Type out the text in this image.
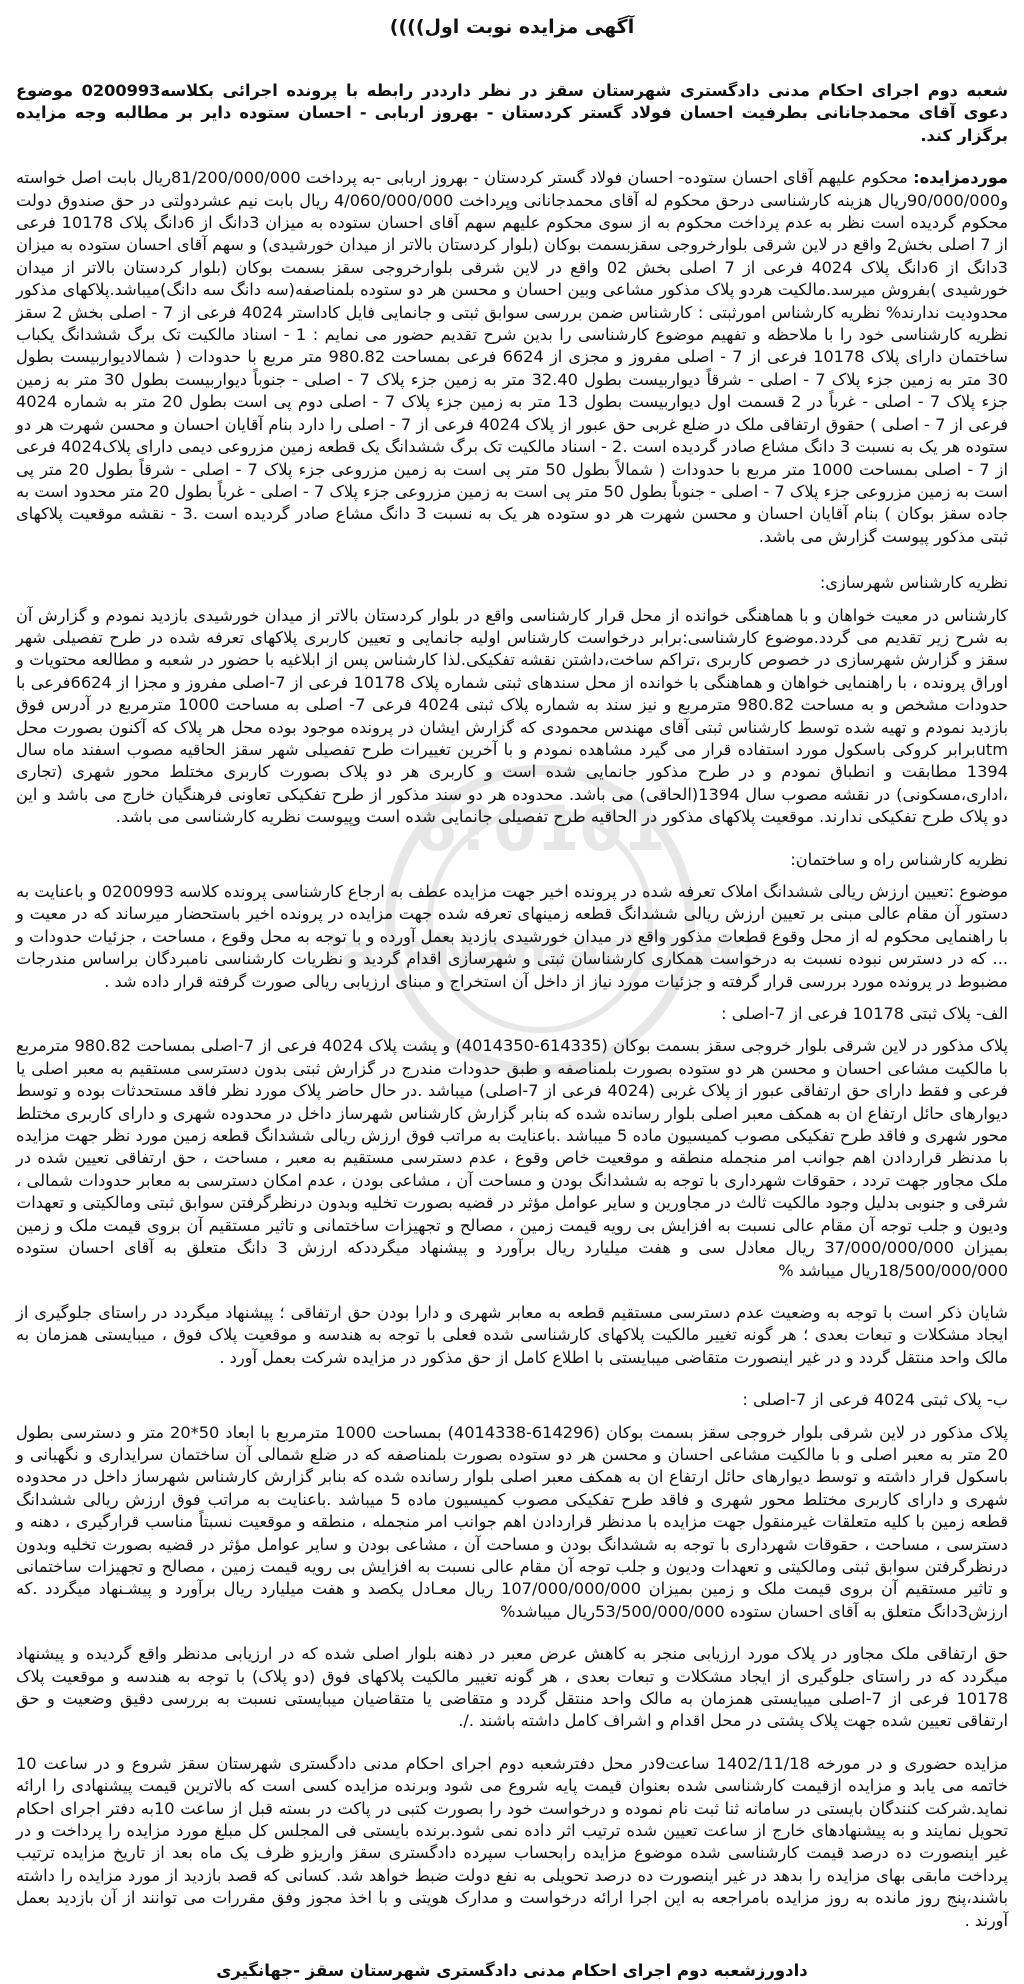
6?0101
arsNamadData
آگهی مزایده نوبت اول))))

شعبه دوم اجرای احکام مدنی دادگستری شهرستان سقز در نظر دارددر رابطه با پرونده اجرائی بکلاسه0200993 موضوع دعوی آقای محمدجانانی بطرفیت احسان فولاد گستر کردستان - بهروز اربابی - احسان ستوده دایر بر مطالبه وجه مزایده برگزار کند.

موردمزایده: محکوم علیهم آقای احسان ستوده- احسان فولاد گستر کردستان - بهروز اربابی -به پرداخت 81/200/000/000ریال بابت اصل خواسته و90/000/000ریال هزینه کارشناسی درحق محکوم له آقای محمدجانانی وپرداخت 4/060/000/000 ریال بابت نیم عشردولتی در حق صندوق دولت محکوم گردیده است نظر به عدم پرداخت محکوم به از سوی محکوم علیهم سهم آقای احسان ستوده به میزان 3دانگ از 6دانگ پلاک 10178 فرعی از 7 اصلی بخش2 واقع در لاین شرقی بلوارخروجی سقزبسمت بوکان (بلوار کردستان بالاتر از میدان خورشیدی) و سهم آقای احسان ستوده به میزان 3دانگ از 6دانگ پلاک 4024 فرعی از 7 اصلی بخش 02 واقع در لاین شرقی بلوارخروجی سقز بسمت بوکان (بلوار کردستان بالاتر از میدان خورشیدی )بفروش میرسد.مالکیت هردو پلاک مذکور مشاعی وبین احسان و محسن هر دو ستوده بلمناصفه(سه دانگ سه دانگ)میباشد.پلاکهای مذکور محدودیت ندارند% نظریه کارشناس امورثبتی : کارشناس ضمن بررسی سوابق ثبتی و جانمایی فایل کاداستر 4024 فرعی از 7 - اصلی بخش 2 سقز نظریه کارشناسی خود را با ملاحظه و تفهیم موضوع کارشناسی را بدین شرح تقدیم حضور می نمایم : 1 - اسناد مالکیت تک برگ ششدانگ یکباب ساختمان دارای پلاک 10178 فرعی از 7 - اصلی مفروز و مجزی از 6624 فرعی بمساحت 980.82 متر مربع با حدودات ( شمالادیواربیست بطول 30 متر به زمین جزء پلاک 7 - اصلی - شرقاً دیواربیست بطول 32.40 متر به زمین جزء پلاک 7 - اصلی - جنوباً دیواربیست بطول 30 متر به زمین جزء پلاک 7 - اصلی - غرباً در 2 قسمت اول دیواربیست بطول 13 متر به زمین جزء پلاک 7 - اصلی دوم پی است بطول 20 متر به شماره 4024 فرعی از 7 - اصلی ) حقوق ارتفاقی ملک در ضلع غربی حق عبور از پلاک 4024 فرعی از 7 - اصلی را دارد بنام آقایان احسان و محسن شهرت هر دو ستوده هر یک به نسبت 3 دانگ مشاع صادر گردیده است .2 - اسناد مالکیت تک برگ ششدانگ یک قطعه زمین مزروعی دیمی دارای پلاک4024 فرعی از 7 - اصلی بمساحت 1000 متر مربع با حدودات ( شمالاً بطول 50 متر پی است به زمین مزروعی جزء پلاک 7 - اصلی - شرقاً بطول 20 متر پی است به زمین مزروعی جزء پلاک 7 - اصلی - جنوباً بطول 50 متر پی است به زمین مزروعی جزء پلاک 7 - اصلی - غرباً بطول 20 متر محدود است به جاده سقز بوکان ) بنام آقایان احسان و محسن شهرت هر دو ستوده هر یک به نسبت 3 دانگ مشاع صادر گردیده است .3 - نقشه موقعیت پلاکهای ثبتی مذکور پیوست گزارش می باشد.

نظریه کارشناس شهرسازی:

کارشناس در معیت خواهان و با هماهنگی خوانده از محل قرار کارشناسی واقع در بلوار کردستان بالاتر از میدان خورشیدی بازدید نمودم و گزارش آن به شرح زیر تقدیم می گردد.موضوع کارشناسی:برابر درخواست کارشناس اولیه جانمایی و تعیین کاربری پلاکهای تعرفه شده در طرح تفصیلی شهر سقز و گزارش شهرسازی در خصوص کاربری ،تراکم ساخت،داشتن نقشه تفکیکی.لذا کارشناس پس از ابلاغیه با حضور در شعبه و مطالعه محتویات و اوراق پرونده ، با راهنمایی خواهان و هماهنگی با خوانده از محل سندهای ثبتی شماره پلاک 10178 فرعی از 7-اصلی مفروز و مجزا از 6624فرعی با حدودات مشخص و به مساحت 980.82 مترمربع و نیز سند به شماره پلاک ثبتی 4024 فرعی 7- اصلی به مساحت 1000 مترمربع در آدرس فوق بازدید نمودم و تهیه شده توسط کارشناس ثبتی آقای مهندس محمودی که گزارش ایشان در پرونده موجود بوده محل هر پلاک که آکنون بصورت محل utmبرابر کروکی باسکول مورد استفاده قرار می گیرد مشاهده نمودم و با آخرین تغییرات طرح تفصیلی شهر سقز الحاقیه مصوب اسفند ماه سال 1394 مطابقت و انطباق نمودم و در طرح مذکور جانمایی شده است و کاربری هر دو پلاک بصورت کاربری مختلط محور شهری (تجاری ،اداری،مسکونی) در نقشه مصوب سال 1394(الحاقی) می باشد. محدوده هر دو سند مذکور از طرح تفکیکی تعاونی فرهنگیان خارج می باشد و این دو پلاک طرح تفکیکی ندارند. موقعیت پلاکهای مذکور در الحاقیه طرح تفصیلی جانمایی شده است وپیوست نظریه کارشناسی می باشد.

نظریه کارشناس راه و ساختمان:

موضوع :تعیین ارزش ریالی ششدانگ املاک تعرفه شده در پرونده اخیر جهت مزایده عطف به ارجاع کارشناسی پرونده کلاسه 0200993 و باعنایت به دستور آن مقام عالی مبنی بر تعیین ارزش ریالی ششدانگ قطعه زمینهای تعرفه شده جهت مزایده در پرونده اخیر باستحضار میرساند که در معیت و با راهنمایی محکوم له از محل وقوع قطعات مذکور واقع در میدان خورشیدی بازدید بعمل آورده و با توجه به محل وقوع ، مساحت ، جزئیات حدودات و ... که در دسترس نبوده نسبت به درخواست همکاری کارشناسان ثبتی و شهرسازی اقدام گردید و نظریات کارشناسی نامبردگان براساس مندرجات مضبوط در پرونده مورد بررسی قرار گرفته و جزئیات مورد نیاز از داخل آن استخراج و مبنای ارزیابی ریالی صورت گرفته قرار داده شد .

الف- پلاک ثبتی 10178 فرعی از 7-اصلی :

پلاک مذکور در لاین شرقی بلوار خروجی سقز بسمت بوکان (614335-4014350) و پشت پلاک 4024 فرعی از 7-اصلی بمساحت 980.82 مترمربع با مالکیت مشاعی احسان و محسن هر دو ستوده بصورت بلمناصفه و طبق حدودات مندرج در گزارش ثبتی بدون دسترسی مستقیم به معبر اصلی یا فرعی و فقط دارای حق ارتفاقی عبور از پلاک غربی (4024 فرعی از 7-اصلی) میباشد .در حال حاضر پلاک مورد نظر فاقد مستحدثات بوده و توسط دیوارهای حائل ارتفاع ان به همکف معبر اصلی بلوار رسانده شده که بنابر گزارش کارشناس شهرساز داخل در محدوده شهری و دارای کاربری مختلط محور شهری و فاقد طرح تفکیکی مصوب کمیسیون ماده 5 میباشد .باعنایت به مراتب فوق ارزش ریالی ششدانگ قطعه زمین مورد نظر جهت مزایده با مدنظر قراردادن اهم جوانب امر منجمله منطقه و موقعیت خاص وقوع ، عدم دسترسی مستقیم به معبر ، مساحت ، حق ارتفاقی تعیین شده در ملک مجاور جهت تردد ، حقوقات شهرداری با توجه به ششدانگ بودن و مساحت آن ، مشاعی بودن ، عدم امکان دسترسی به معابر حدودات شمالی ، شرقی و جنوبی بدلیل وجود مالکیت ثالث در مجاورین و سایر عوامل مؤثر در قضیه بصورت تخلیه وبدون درنظرگرفتن سوابق ثبتی ومالکیتی و تعهدات ودیون و جلب توجه آن مقام عالی نسبت به افزایش بی رویه قیمت زمین ، مصالح و تجهیزات ساختمانی و تاثیر مستقیم آن بروی قیمت ملک و زمین بمیزان 37/000/000/000 ریال معادل سی و هفت میلیارد ریال برآورد و پیشنهاد میگرددکه ارزش 3 دانگ متعلق به آقای احسان ستوده 18/500/000/000ریال میباشد %

شایان ذکر است با توجه به وضعیت عدم دسترسی مستقیم قطعه به معابر شهری و دارا بودن حق ارتفاقی ؛ پیشنهاد میگردد در راستای جلوگیری از ایجاد مشکلات و تبعات بعدی ؛ هر گونه تغییر مالکیت پلاکهای کارشناسی شده فعلی با توجه به هندسه و موقعیت پلاک فوق ، میبایستی همزمان به مالک واحد منتقل گردد و در غیر اینصورت متقاضی میبایستی با اطلاع کامل از حق مذکور در مزایده شرکت بعمل آورد .

ب- پلاک ثبتی 4024 فرعی از 7-اصلی :

پلاک مذکور در لاین شرقی بلوار خروجی سقز بسمت بوکان (614296-4014338) بمساحت 1000 مترمربع با ابعاد 50*20 متر و دسترسی بطول 20 متر به معبر اصلی و با مالکیت مشاعی احسان و محسن هر دو ستوده بصورت بلمناصفه که در ضلع شمالی آن ساختمان سرایداری و نگهبانی و باسکول قرار داشته و توسط دیوارهای حائل ارتفاع ان به همکف معبر اصلی بلوار رسانده شده که بنابر گزارش کارشناس شهرساز داخل در محدوده شهری و دارای کاربری مختلط محور شهری و فاقد طرح تفکیکی مصوب کمیسیون ماده 5 میباشد .باعنایت به مراتب فوق ارزش ریالی ششدانگ قطعه زمین با کلیه متعلقات غیرمنقول جهت مزایده با مدنظر قراردادن اهم جوانب امر منجمله ، منطقه و موقعیت نسبتاً مناسب قرارگیری ، دهنه و دسترسی ، مساحت ، حقوقات شهرداری با توجه به ششدانگ بودن و مساحت آن ، مشاعی بودن و سایر عوامل مؤثر در قضیه بصورت تخلیه وبدون درنظرگرفتن سوابق ثبتی ومالکیتی و تعهدات ودیون و جلب توجه آن مقام عالی نسبت به افزایش بی رویه قیمت زمین ، مصالح و تجهیزات ساختمانی و تاثیر مستقیم آن بروی قیمت ملک و زمین بمیزان 107/000/000/000 ریال معـادل یکصد و هفت میلیارد ریال برآورد و پیشـنهاد میگردد .که ارزش3دانگ متعلق به آقای احسان ستوده 53/500/000/000ریال میباشد%

حق ارتفاقی ملک مجاور در پلاک مورد ارزیابی منجر به کاهش عرض معبر در دهنه بلوار اصلی شده که در ارزیابی مدنظر واقع گردیده و پیشنهاد میگردد که در راستای جلوگیری از ایجاد مشکلات و تبعات بعدی ، هر گونه تغییر مالکیت پلاکهای فوق (دو پلاک) با توجه به هندسه و موقعیت پلاک 10178 فرعی از 7-اصلی میبایستی همزمان به مالک واحد منتقل گردد و متقاضی یا متقاضیان میبایستی نسبت به بررسی دقیق وضعیت و حق ارتفاقی تعیین شده جهت پلاک پشتی در محل اقدام و اشراف کامل داشته باشند ./.

مزایده حضوری و در مورخه 1402/11/18 ساعت9در محل دفترشعبه دوم اجرای احکام مدنی دادگستری شهرستان سقز شروع و در ساعت 10 خاتمه می یابد و مزایده ازقیمت کارشناسی شده بعنوان قیمت پایه شروع می شود وبرنده مزایده کسی است که بالاترین قیمت پیشنهادی را ارائه نماید.شرکت کنندگان بایستی در سامانه ثنا ثبت نام نموده و درخواست خود را بصورت کتبی در پاکت در بسته قبل از ساعت 10به دفتر اجرای احکام تحویل نمایند و به پیشنهادهای خارج از ساعت تعیین شده ترتیب اثر داده نمی شود.برنده بایستی فی المجلس کل مبلغ مورد مزایده را پرداخت و در غیر اینصورت ده درصد قیمت کارشناسی شده موضوع مزایده رابحساب سپرده دادگستری سقز واریزو ظرف یک ماه بعد از تاریخ مزایده ترتیب پرداخت مابقی بهای مزایده را بدهد در غیر اینصورت ده درصد تحویلی به نفع دولت ضبط خواهد شد. کسانی که قصد بازدید از مورد مزایده را داشته باشند،پنج روز مانده به روز مزایده بامراجعه به این اجرا ارائه درخواست و مدارک هویتی و با اخذ مجوز وفق مقررات می توانند از آن بازدید بعمل آورند .

دادورزشعبه دوم اجرای احکام مدنی دادگستری شهرستان سقز -جهانگیری
